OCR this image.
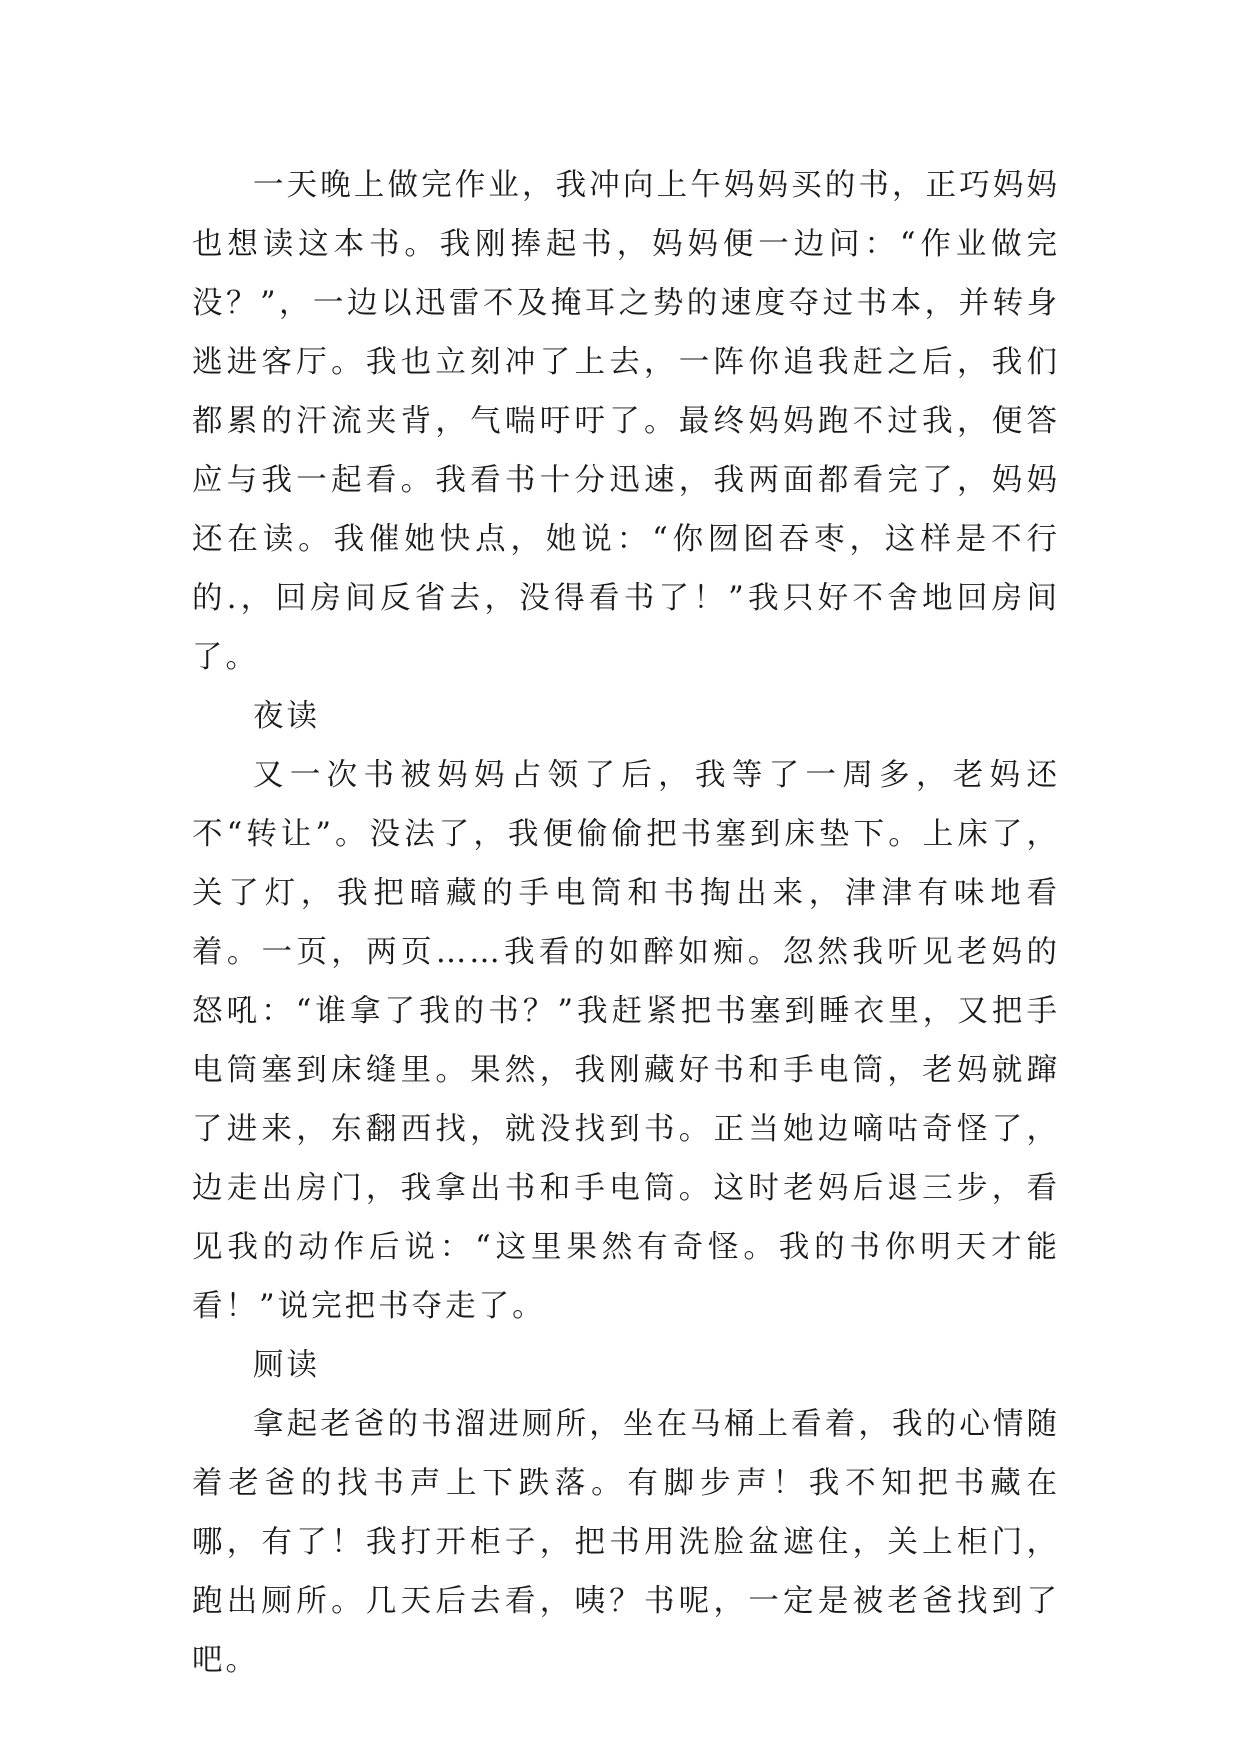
一天晚上做完作业，我冲向上午妈妈买的书，正巧妈妈也想读这本书。我刚捧起书，妈妈便一边问：“作业做完没？”，一边以迅雷不及掩耳之势的速度夺过书本，并转身逃进客厅。我也立刻冲了上去，一阵你追我赶之后，我们都累的汗流夹背，气喘吁吁了。最终妈妈跑不过我，便答应与我一起看。我看书十分迅速，我两面都看完了，妈妈还在读。我催她快点，她说：“你囫囵吞枣，这样是不行的.，回房间反省去，没得看书了！”我只好不舍地回房间了。

夜读

又一次书被妈妈占领了后，我等了一周多，老妈还不“转让”。没法了，我便偷偷把书塞到床垫下。上床了，关了灯，我把暗藏的手电筒和书掏出来，津津有味地看着。一页，两页……我看的如醉如痴。忽然我听见老妈的怒吼：“谁拿了我的书？”我赶紧把书塞到睡衣里，又把手电筒塞到床缝里。果然，我刚藏好书和手电筒，老妈就蹿了进来，东翻西找，就没找到书。正当她边嘀咕奇怪了，边走出房门，我拿出书和手电筒。这时老妈后退三步，看见我的动作后说：“这里果然有奇怪。我的书你明天才能看！”说完把书夺走了。

厕读

拿起老爸的书溜进厕所，坐在马桶上看着，我的心情随着老爸的找书声上下跌落。有脚步声！我不知把书藏在哪，有了！我打开柜子，把书用洗脸盆遮住，关上柜门，跑出厕所。几天后去看，咦？书呢，一定是被老爸找到了吧。
